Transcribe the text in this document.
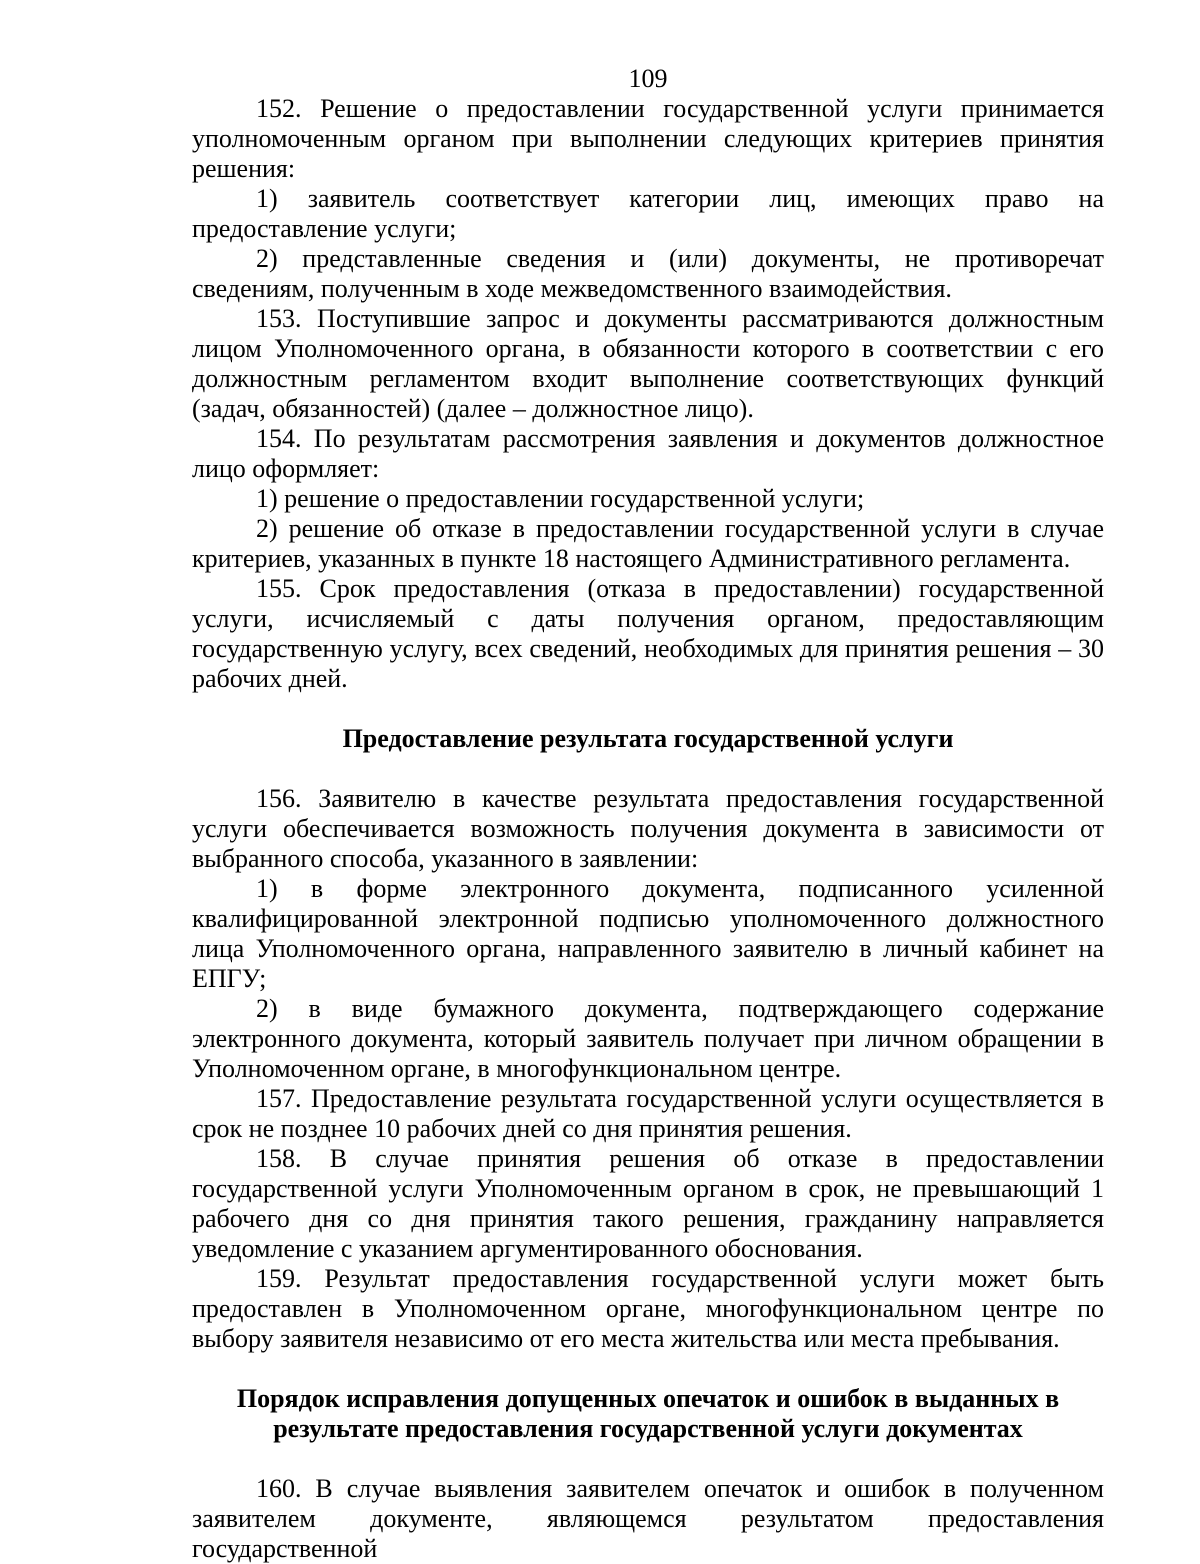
109

152. Решение о предоставлении государственной услуги принимается уполномоченным органом при выполнении следующих критериев принятия решения:

1) заявитель соответствует категории лиц, имеющих право на предоставление услуги;

2) представленные сведения и (или) документы, не противоречат сведениям, полученным в ходе межведомственного взаимодействия.

153. Поступившие запрос и документы рассматриваются должностным лицом Уполномоченного органа, в обязанности которого в соответствии с его должностным регламентом входит выполнение соответствующих функций (задач, обязанностей) (далее – должностное лицо).

154. По результатам рассмотрения заявления и документов должностное лицо оформляет:

1) решение о предоставлении государственной услуги;

2) решение об отказе в предоставлении государственной услуги в случае критериев, указанных в пункте 18 настоящего Административного регламента.

155. Срок предоставления (отказа в предоставлении) государственной услуги, исчисляемый с даты получения органом, предоставляющим государственную услугу, всех сведений, необходимых для принятия решения – 30 рабочих дней.

Предоставление результата государственной услуги

156. Заявителю в качестве результата предоставления государственной услуги обеспечивается возможность получения документа в зависимости от выбранного способа, указанного в заявлении:

1) в форме электронного документа, подписанного усиленной квалифицированной электронной подписью уполномоченного должностного лица Уполномоченного органа, направленного заявителю в личный кабинет на ЕПГУ;

2) в виде бумажного документа, подтверждающего содержание электронного документа, который заявитель получает при личном обращении в Уполномоченном органе, в многофункциональном центре.

157. Предоставление результата государственной услуги осуществляется в срок не позднее 10 рабочих дней со дня принятия решения.

158. В случае принятия решения об отказе в предоставлении государственной услуги Уполномоченным органом в срок, не превышающий 1 рабочего дня со дня принятия такого решения, гражданину направляется уведомление с указанием аргументированного обоснования.

159. Результат предоставления государственной услуги может быть предоставлен в Уполномоченном органе, многофункциональном центре по выбору заявителя независимо от его места жительства или места пребывания.

Порядок исправления допущенных опечаток и ошибок в выданных в
результате предоставления государственной услуги документах

160. В случае выявления заявителем опечаток и ошибок в полученном заявителем документе, являющемся результатом предоставления государственной
